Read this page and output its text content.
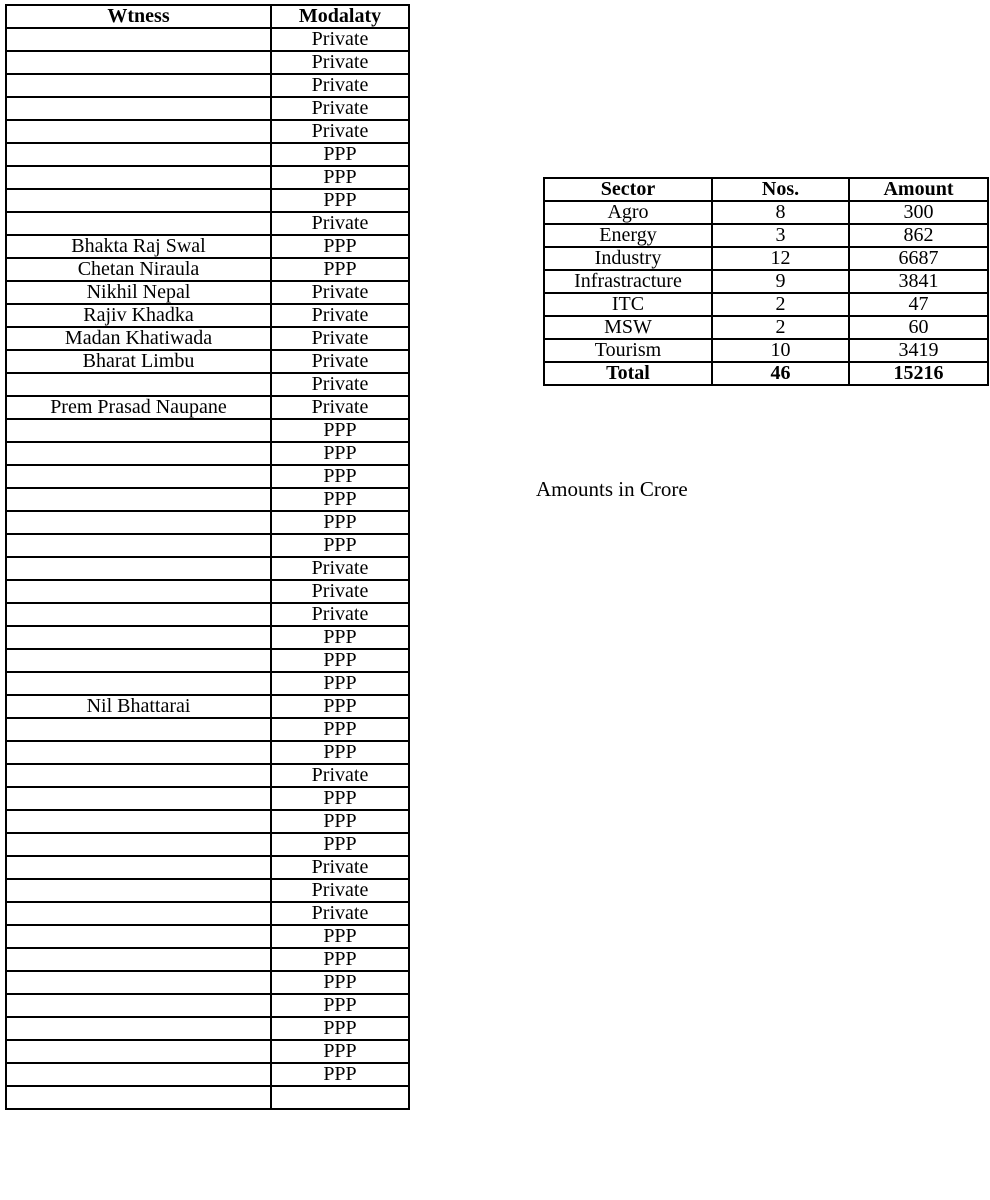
Wtness	Modalaty
	Private
	Private
	Private
	Private
	Private
	PPP
	PPP
	PPP
	Private
Bhakta Raj Swal	PPP
Chetan Niraula	PPP
Nikhil Nepal	Private
Rajiv Khadka	Private
Madan Khatiwada	Private
Bharat Limbu	Private
	Private
Prem Prasad Naupane	Private
	PPP
	PPP
	PPP
	PPP
	PPP
	PPP
	Private
	Private
	Private
	PPP
	PPP
	PPP
Nil Bhattarai	PPP
	PPP
	PPP
	Private
	PPP
	PPP
	PPP
	Private
	Private
	Private
	PPP
	PPP
	PPP
	PPP
	PPP
	PPP
	PPP

Sector	Nos.	Amount
Agro	8	300
Energy	3	862
Industry	12	6687
Infrastracture	9	3841
ITC	2	47
MSW	2	60
Tourism	10	3419
Total	46	15216
Amounts in Crore
